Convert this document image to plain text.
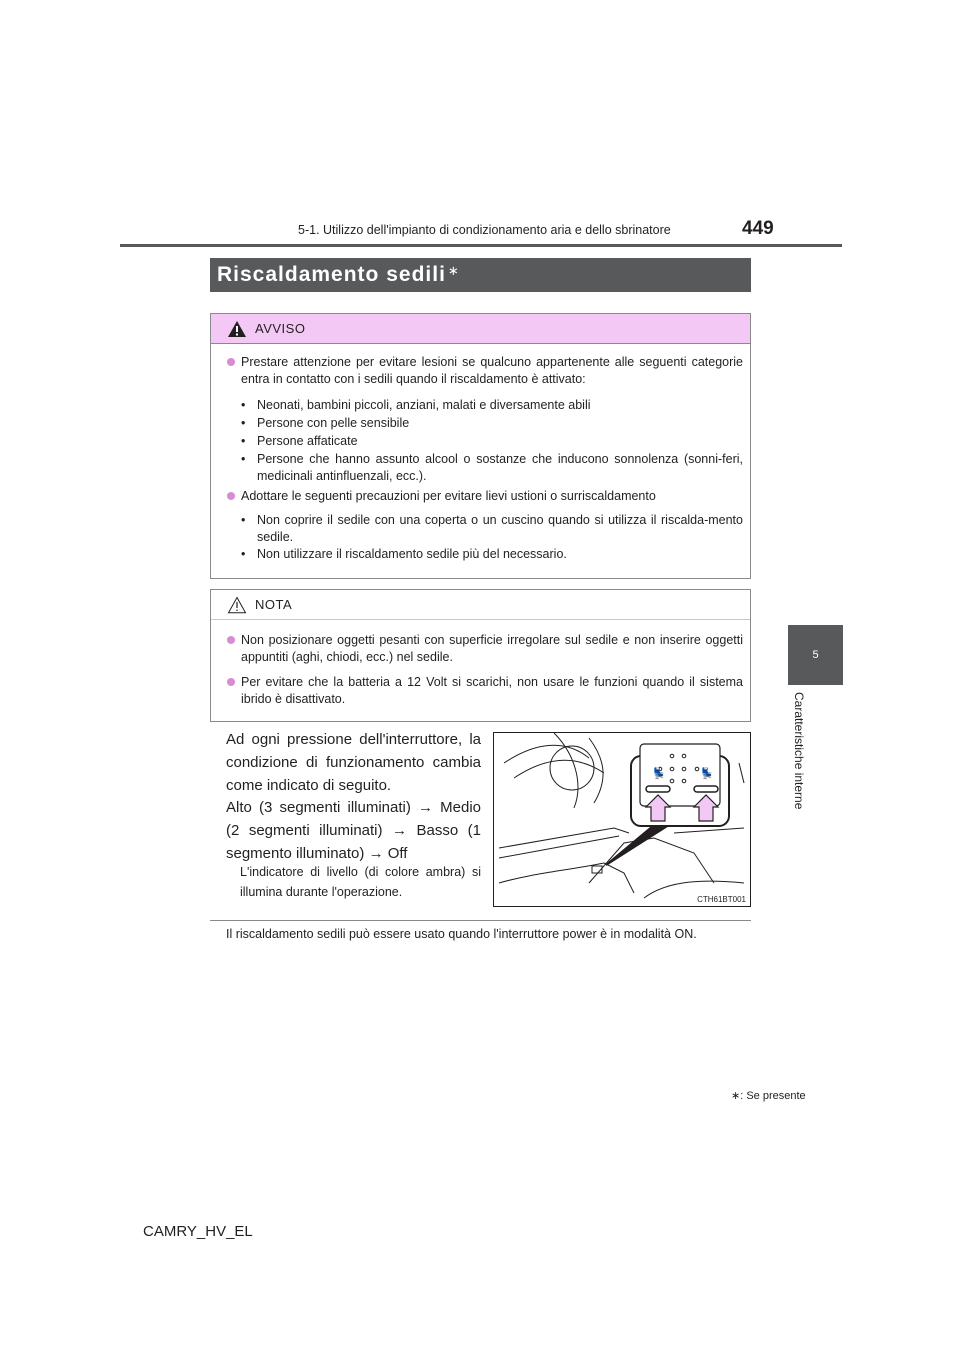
5-1. Utilizzo dell'impianto di condizionamento aria e dello sbrinatore	449
5
Caratteristiche interne
Riscaldamento sedili∗
AVVISO
Prestare attenzione per evitare lesioni se qualcuno appartenente alle seguenti categorie entra in contatto con i sedili quando il riscaldamento è attivato:
• Neonati, bambini piccoli, anziani, malati e diversamente abili
• Persone con pelle sensibile
• Persone affaticate
• Persone che hanno assunto alcool o sostanze che inducono sonnolenza (sonni-feri, medicinali antinfluenzali, ecc.).
Adottare le seguenti precauzioni per evitare lievi ustioni o surriscaldamento
• Non coprire il sedile con una coperta o un cuscino quando si utilizza il riscalda-mento sedile.
• Non utilizzare il riscaldamento sedile più del necessario.
NOTA
Non posizionare oggetti pesanti con superficie irregolare sul sedile e non inserire oggetti appuntiti (aghi, chiodi, ecc.) nel sedile.
Per evitare che la batteria a 12 Volt si scarichi, non usare le funzioni quando il sistema ibrido è disattivato.
Ad ogni pressione dell'interruttore, la condizione di funzionamento cambia come indicato di seguito.
Alto (3 segmenti illuminati) → Medio (2 segmenti illuminati) → Basso (1 segmento illuminato) → Off
L'indicatore di livello (di colore ambra) si illumina durante l'operazione.
💺	💺
CTH61BT001
Il riscaldamento sedili può essere usato quando l'interruttore power è in modalità ON.
∗: Se presente
CAMRY_HV_EL
